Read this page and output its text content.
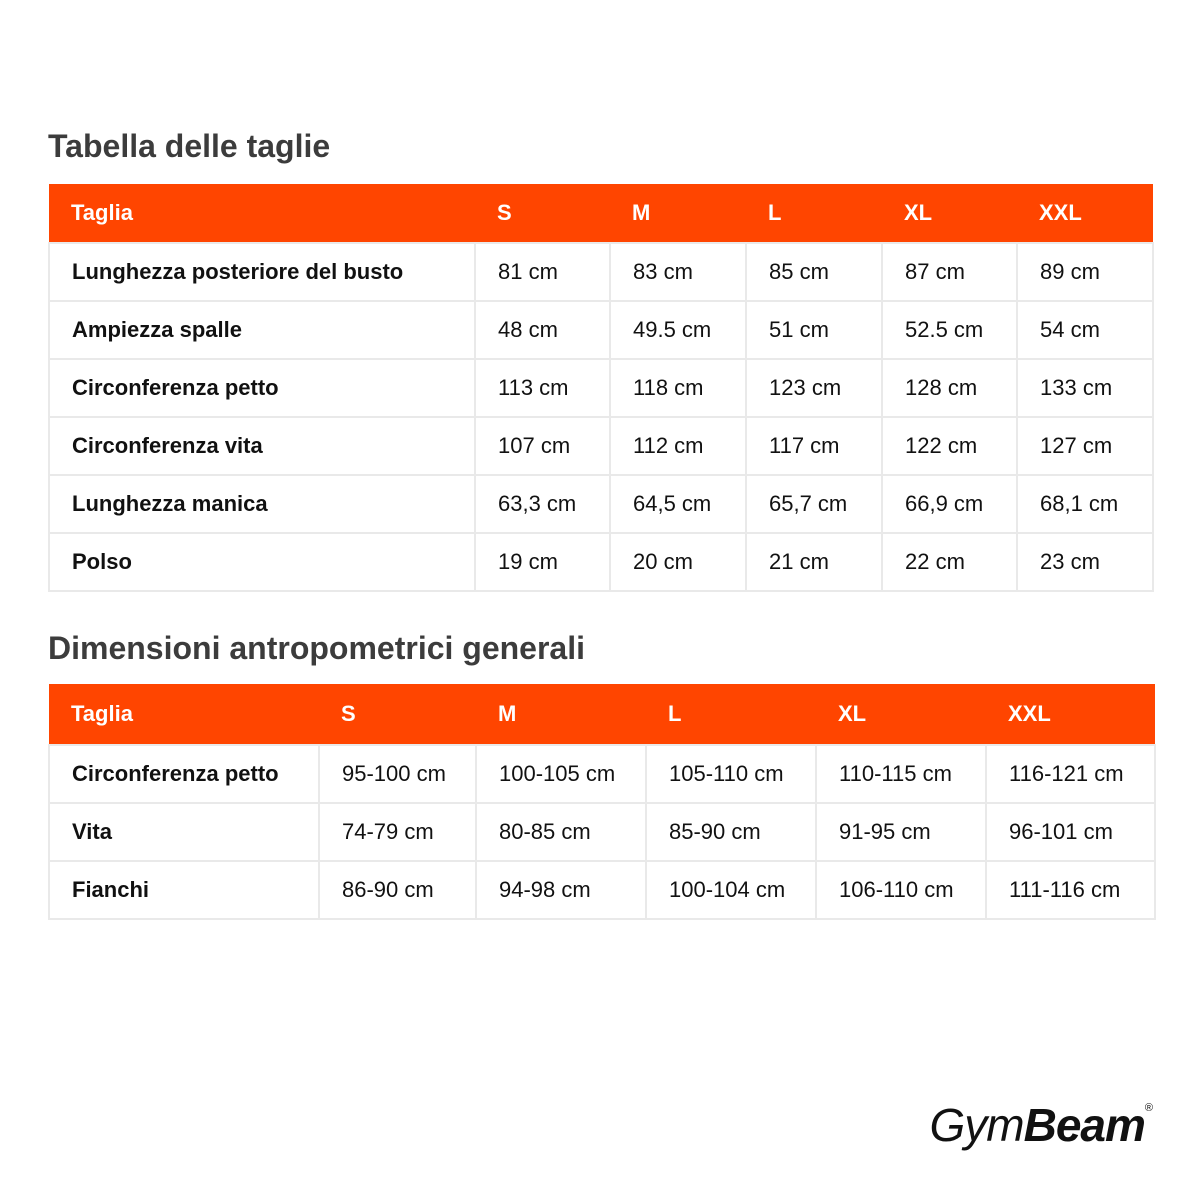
Tabella delle taglie
Taglia	S	M	L	XL	XXL
Lunghezza posteriore del busto	81 cm	83 cm	85 cm	87 cm	89 cm
Ampiezza spalle	48 cm	49.5 cm	51 cm	52.5 cm	54 cm
Circonferenza petto	113 cm	118 cm	123 cm	128 cm	133 cm
Circonferenza vita	107 cm	112 cm	117 cm	122 cm	127 cm
Lunghezza manica	63,3 cm	64,5 cm	65,7 cm	66,9 cm	68,1 cm
Polso	19 cm	20 cm	21 cm	22 cm	23 cm
Dimensioni antropometrici generali
Taglia	S	M	L	XL	XXL
Circonferenza petto	95-100 cm	100-105 cm	105-110 cm	110-115 cm	116-121 cm
Vita	74-79 cm	80-85 cm	85-90 cm	91-95 cm	96-101 cm
Fianchi	86-90 cm	94-98 cm	100-104 cm	106-110 cm	111-116 cm
GymBeam®
